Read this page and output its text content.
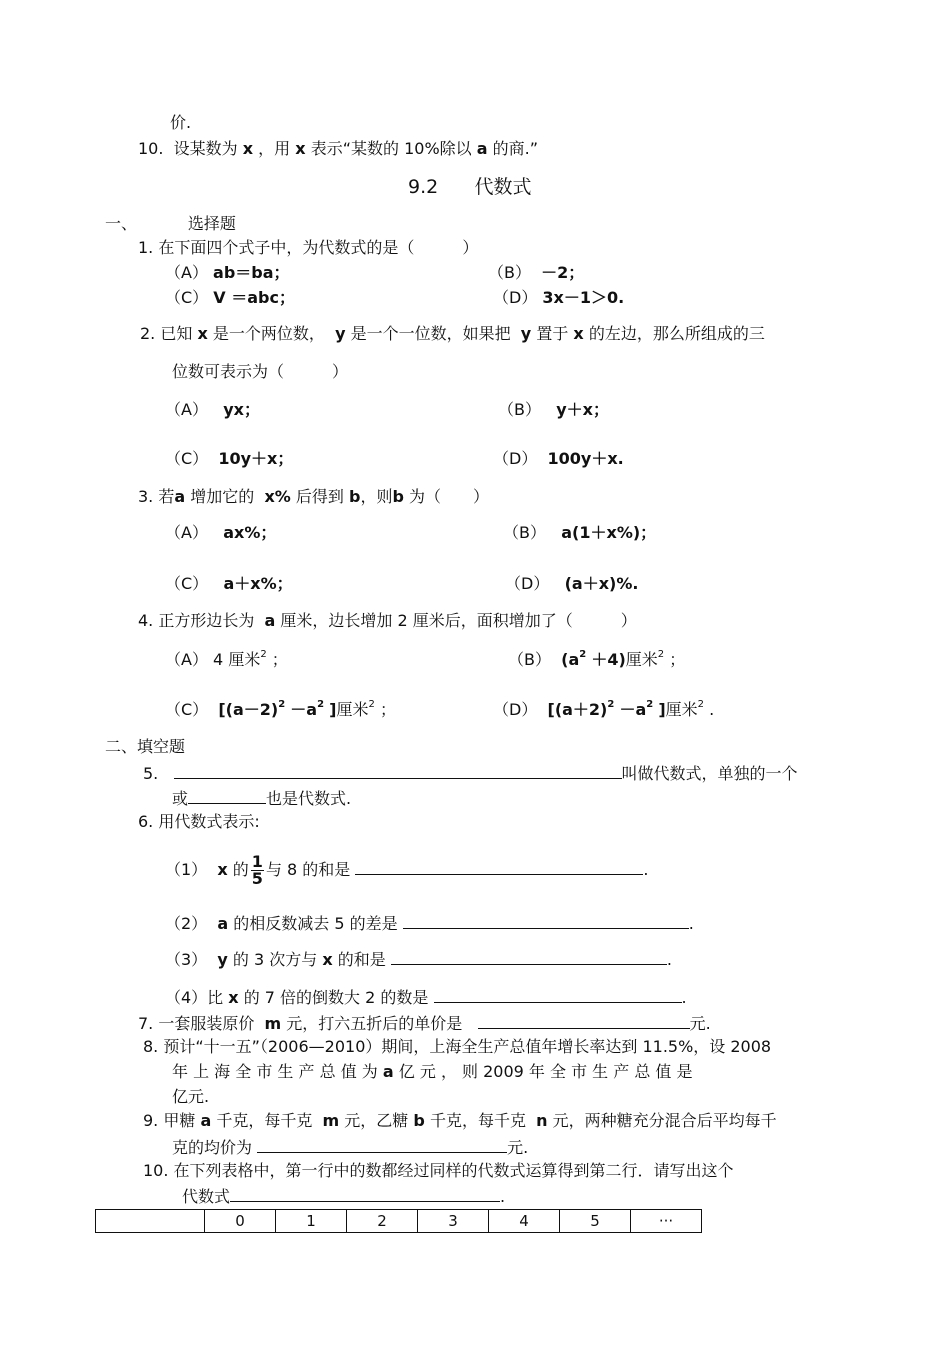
价.
10. 设某数为 x ，用 x 表示“某数的 10%除以 a 的商.”
9.2 代数式
一、	选择题
1. 在下面四个式子中，为代数式的是（　　　）
（A） ab＝ba；	（B） －2；
（C） V ＝abc；	（D） 3x－1＞0.
2. 已知 x 是一个两位数， y 是一个一位数，如果把 y 置于 x 的左边，那么所组成的三
位数可表示为（　　　）
（A） yx；	（B） y＋x；
（C） 10y＋x；	（D） 100y＋x.
3. 若a 增加它的 x% 后得到 b，则b 为（　　）
（A） ax%；	（B） a(1＋x%)；
（C） a＋x%；	（D） (a＋x)%.
4. 正方形边长为 a 厘米，边长增加 2 厘米后，面积增加了（　　　）
（A） 4 厘米$^2$ ；	（B） $(a^2 +4)$厘米$^2$ ；
（C） [$(a-2)^2 -a^2$ ]厘米$^2$ ；	（D） [$(a+2)^2 -a^2$ ]厘米$^2$ .
二、填空题
5.	叫做代数式，单独的一个
或	也是代数式.
6. 用代数式表示:
（1） x 的 $\frac{1}{5}$ 与 8 的和是	.
（2） a 的相反数减去 5 的差是	.
（3） y 的 3 次方与 x 的和是	.
（4）比 x 的 7 倍的倒数大 2 的数是	.
7. 一套服装原价 m 元，打六五折后的单价是	元.
8. 预计“十一五”（2006—2010）期间，上海全生产总值年增长率达到 11.5%，设 2008
年 上 海 全 市 生 产 总 值 为 a 亿 元 ， 则 2009 年 全 市 生 产 总 值 是
亿元.
9. 甲糖 a 千克，每千克 m 元，乙糖 b 千克，每千克 n 元，两种糖充分混合后平均每千
克的均价为	元.
10. 在下列表格中，第一行中的数都经过同样的代数式运算得到第二行．请写出这个
代数式	.
	0	1	2	3	4	5	···
